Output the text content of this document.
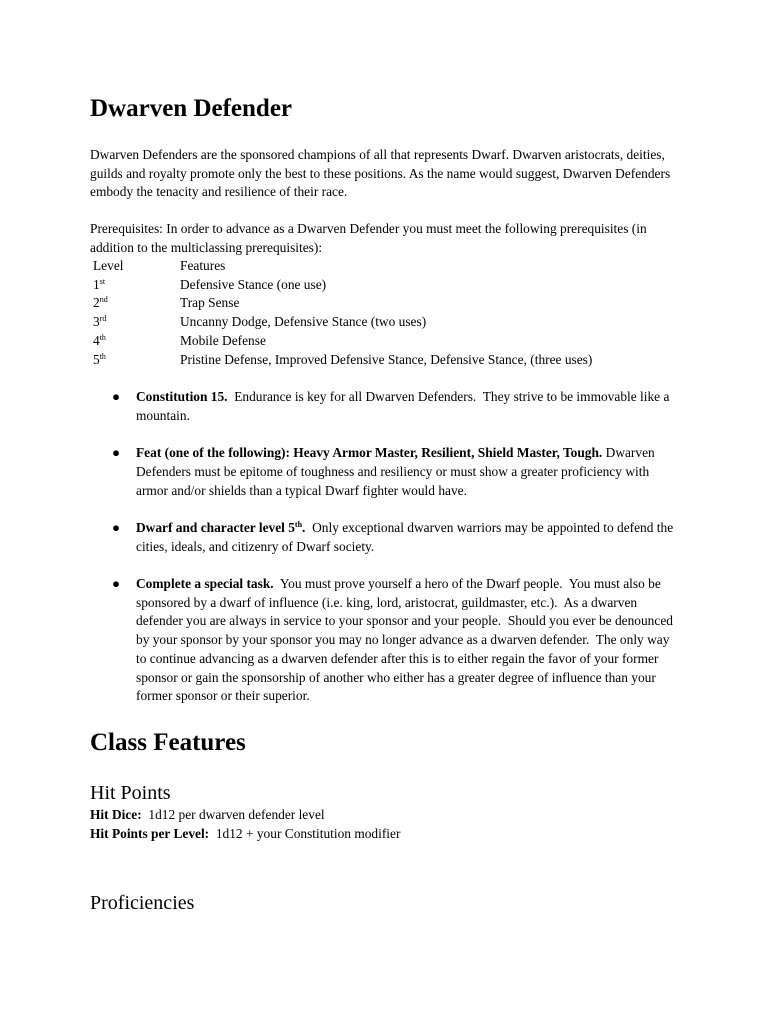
Dwarven Defender

Dwarven Defenders are the sponsored champions of all that represents Dwarf. Dwarven aristocrats, deities, guilds and royalty promote only the best to these positions. As the name would suggest, Dwarven Defenders embody the tenacity and resilience of their race.

Prerequisites: In order to advance as a Dwarven Defender you must meet the following prerequisites (in addition to the multiclassing prerequisites):

Level	Features
1st	Defensive Stance (one use)
2nd	Trap Sense
3rd	Uncanny Dodge, Defensive Stance (two uses)
4th	Mobile Defense
5th	Pristine Defense, Improved Defensive Stance, Defensive Stance, (three uses)
● Constitution 15.  Endurance is key for all Dwarven Defenders.  They strive to be immovable like a mountain.
● Feat (one of the following): Heavy Armor Master, Resilient, Shield Master, Tough. Dwarven Defenders must be epitome of toughness and resiliency or must show a greater proficiency with armor and/or shields than a typical Dwarf fighter would have.
● Dwarf and character level 5th.  Only exceptional dwarven warriors may be appointed to defend the cities, ideals, and citizenry of Dwarf society.
● Complete a special task.  You must prove yourself a hero of the Dwarf people.  You must also be sponsored by a dwarf of influence (i.e. king, lord, aristocrat, guildmaster, etc.).  As a dwarven defender you are always in service to your sponsor and your people.  Should you ever be denounced by your sponsor by your sponsor you may no longer advance as a dwarven defender.  The only way to continue advancing as a dwarven defender after this is to either regain the favor of your former sponsor or gain the sponsorship of another who either has a greater degree of influence than your former sponsor or their superior.
Class Features
Hit Points
Hit Dice:  1d12 per dwarven defender level
Hit Points per Level:  1d12 + your Constitution modifier
Proficiencies
